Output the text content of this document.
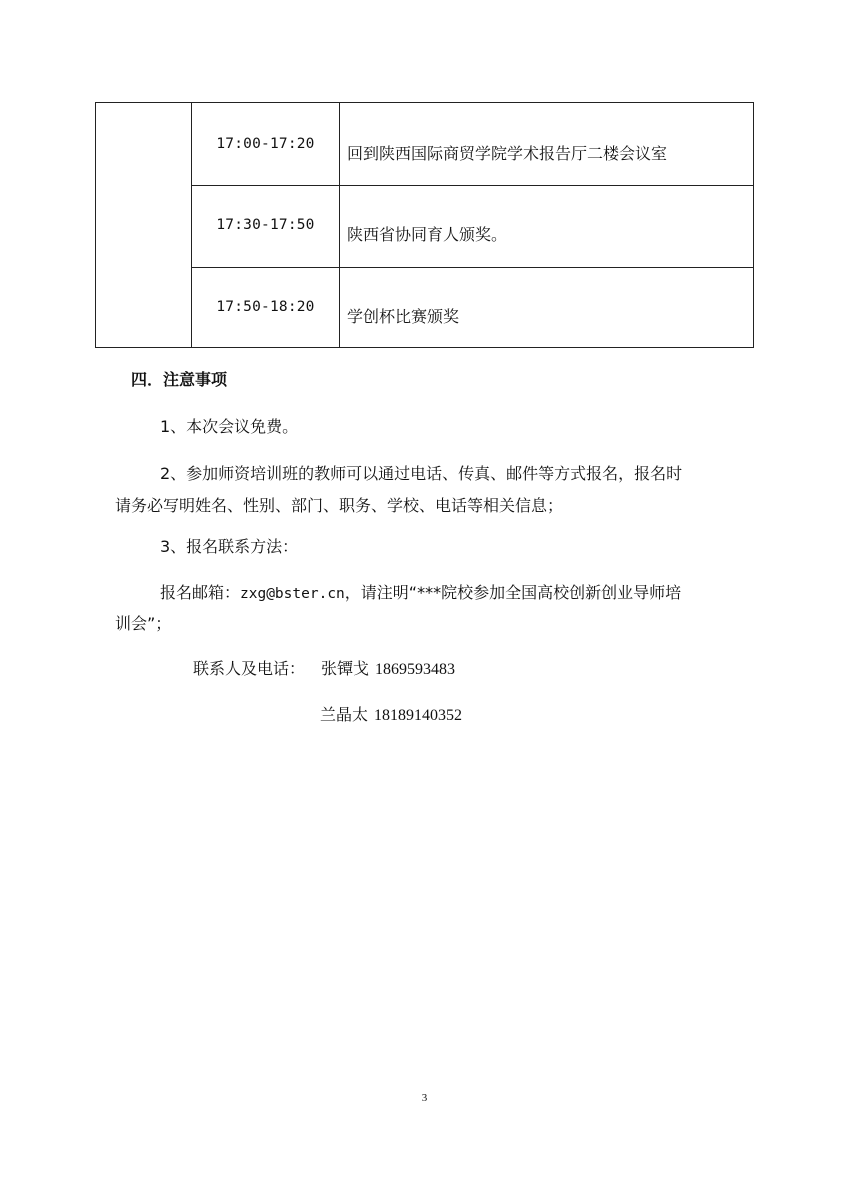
17:00-17:20	回到陕西国际商贸学院学术报告厅二楼会议室
17:30-17:50	陕西省协同育人颁奖。
17:50-18:20	学创杯比赛颁奖
四．注意事项
1、本次会议免费。
2、参加师资培训班的教师可以通过电话、传真、邮件等方式报名，报名时
请务必写明姓名、性别、部门、职务、学校、电话等相关信息；
3、报名联系方法：
报名邮箱：zxg@bster.cn，请注明“***院校参加全国高校创新创业导师培
训会”；
联系人及电话： 张镡戈 1869593483
兰晶太 18189140352
3
